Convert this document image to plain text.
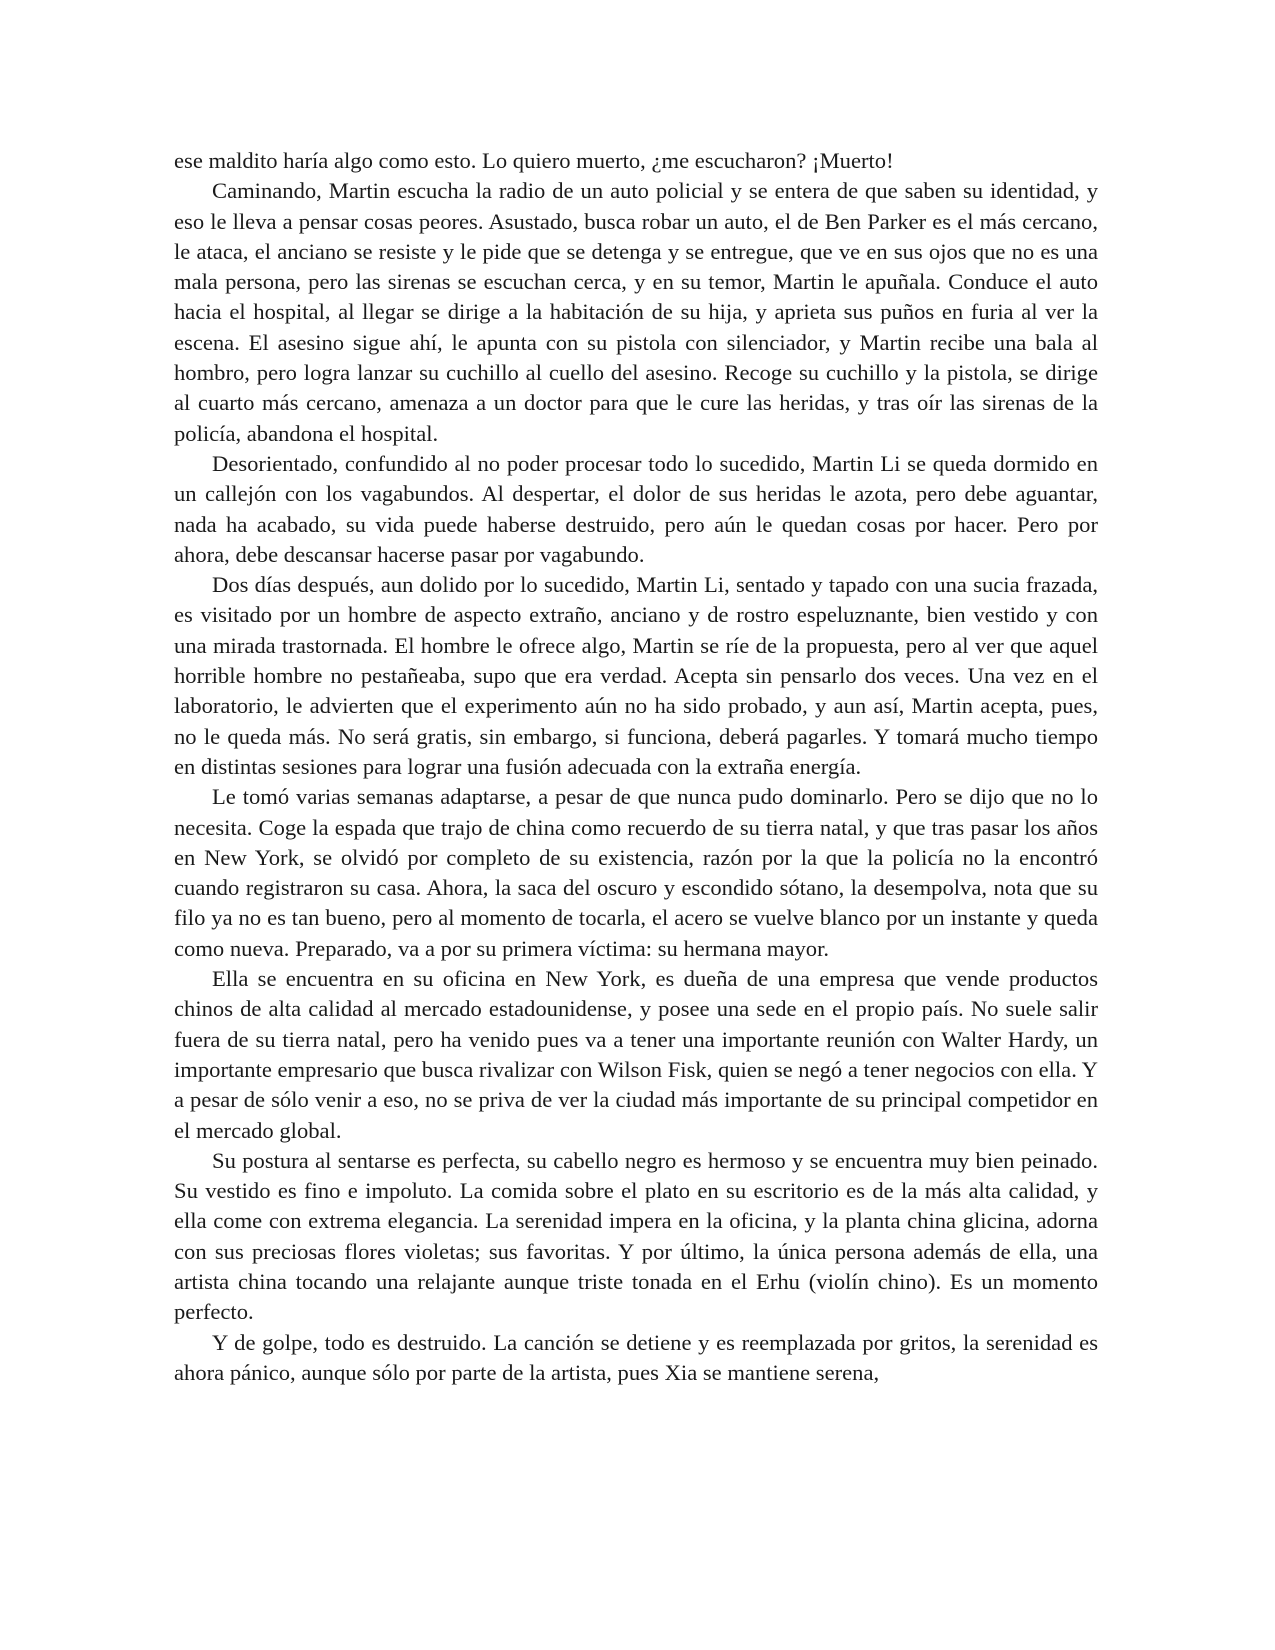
ese maldito haría algo como esto. Lo quiero muerto, ¿me escucharon? ¡Muerto!

Caminando, Martin escucha la radio de un auto policial y se entera de que saben su identidad, y eso le lleva a pensar cosas peores. Asustado, busca robar un auto, el de Ben Parker es el más cercano, le ataca, el anciano se resiste y le pide que se detenga y se entregue, que ve en sus ojos que no es una mala persona, pero las sirenas se escuchan cerca, y en su temor, Martin le apuñala. Conduce el auto hacia el hospital, al llegar se dirige a la habitación de su hija, y aprieta sus puños en furia al ver la escena. El asesino sigue ahí, le apunta con su pistola con silenciador, y Martin recibe una bala al hombro, pero logra lanzar su cuchillo al cuello del asesino. Recoge su cuchillo y la pistola, se dirige al cuarto más cercano, amenaza a un doctor para que le cure las heridas, y tras oír las sirenas de la policía, abandona el hospital.

Desorientado, confundido al no poder procesar todo lo sucedido, Martin Li se queda dormido en un callejón con los vagabundos. Al despertar, el dolor de sus heridas le azota, pero debe aguantar, nada ha acabado, su vida puede haberse destruido, pero aún le quedan cosas por hacer. Pero por ahora, debe descansar hacerse pasar por vagabundo.

Dos días después, aun dolido por lo sucedido, Martin Li, sentado y tapado con una sucia frazada, es visitado por un hombre de aspecto extraño, anciano y de rostro espeluznante, bien vestido y con una mirada trastornada. El hombre le ofrece algo, Martin se ríe de la propuesta, pero al ver que aquel horrible hombre no pestañeaba, supo que era verdad. Acepta sin pensarlo dos veces. Una vez en el laboratorio, le advierten que el experimento aún no ha sido probado, y aun así, Martin acepta, pues, no le queda más. No será gratis, sin embargo, si funciona, deberá pagarles. Y tomará mucho tiempo en distintas sesiones para lograr una fusión adecuada con la extraña energía.

Le tomó varias semanas adaptarse, a pesar de que nunca pudo dominarlo. Pero se dijo que no lo necesita. Coge la espada que trajo de china como recuerdo de su tierra natal, y que tras pasar los años en New York, se olvidó por completo de su existencia, razón por la que la policía no la encontró cuando registraron su casa. Ahora, la saca del oscuro y escondido sótano, la desempolva, nota que su filo ya no es tan bueno, pero al momento de tocarla, el acero se vuelve blanco por un instante y queda como nueva. Preparado, va a por su primera víctima: su hermana mayor.

Ella se encuentra en su oficina en New York, es dueña de una empresa que vende productos chinos de alta calidad al mercado estadounidense, y posee una sede en el propio país. No suele salir fuera de su tierra natal, pero ha venido pues va a tener una importante reunión con Walter Hardy, un importante empresario que busca rivalizar con Wilson Fisk, quien se negó a tener negocios con ella. Y a pesar de sólo venir a eso, no se priva de ver la ciudad más importante de su principal competidor en el mercado global.

Su postura al sentarse es perfecta, su cabello negro es hermoso y se encuentra muy bien peinado. Su vestido es fino e impoluto. La comida sobre el plato en su escritorio es de la más alta calidad, y ella come con extrema elegancia. La serenidad impera en la oficina, y la planta china glicina, adorna con sus preciosas flores violetas; sus favoritas. Y por último, la única persona además de ella, una artista china tocando una relajante aunque triste tonada en el Erhu (violín chino). Es un momento perfecto.

Y de golpe, todo es destruido. La canción se detiene y es reemplazada por gritos, la serenidad es ahora pánico, aunque sólo por parte de la artista, pues Xia se mantiene serena,
